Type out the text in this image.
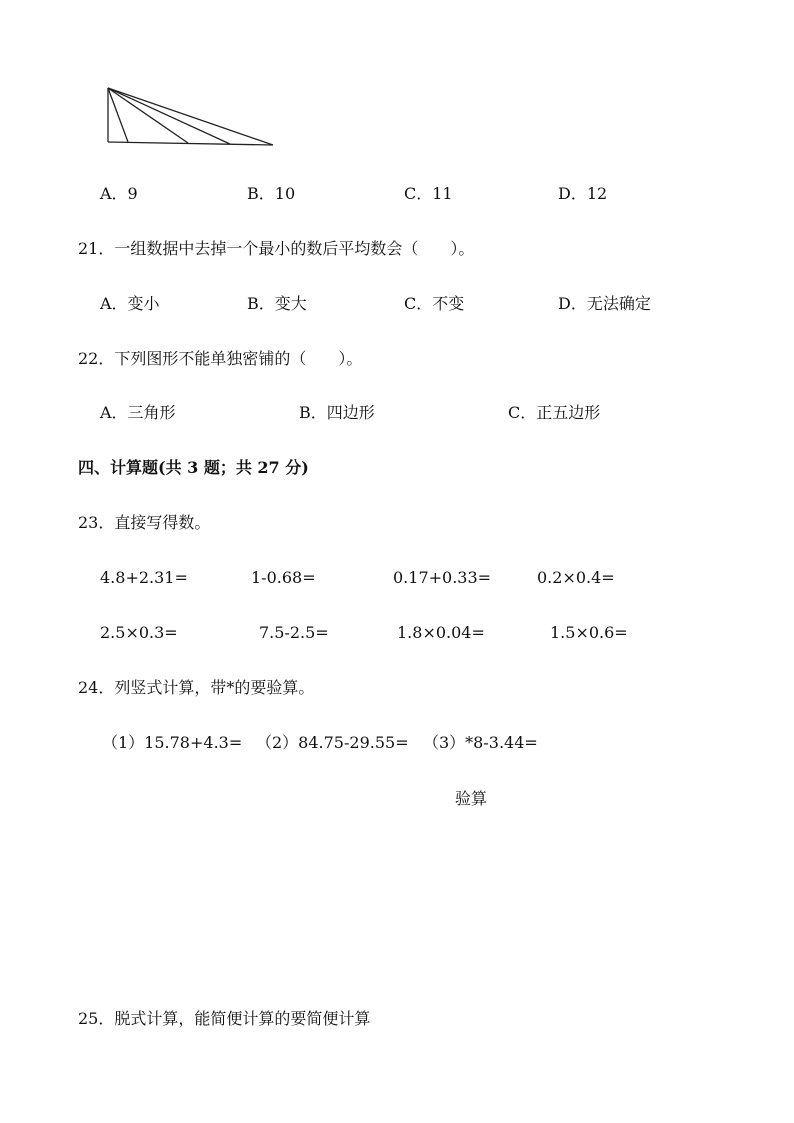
A．9	B．10	C．11	D．12
21．一组数据中去掉一个最小的数后平均数会（　　）。
A．变小	B．变大	C．不变	D．无法确定
22．下列图形不能单独密铺的（　　）。
A．三角形	B．四边形	C．正五边形
四、计算题(共 3 题；共 27 分)
23．直接写得数。
4.8+2.31=	1-0.68=	0.17+0.33=	0.2×0.4=
2.5×0.3=	7.5-2.5=	1.8×0.04=	1.5×0.6=
24．列竖式计算，带*的要验算。
（1）15.78+4.3= （2）84.75-29.55= （3）*8-3.44=
验算
25．脱式计算，能简便计算的要简便计算
